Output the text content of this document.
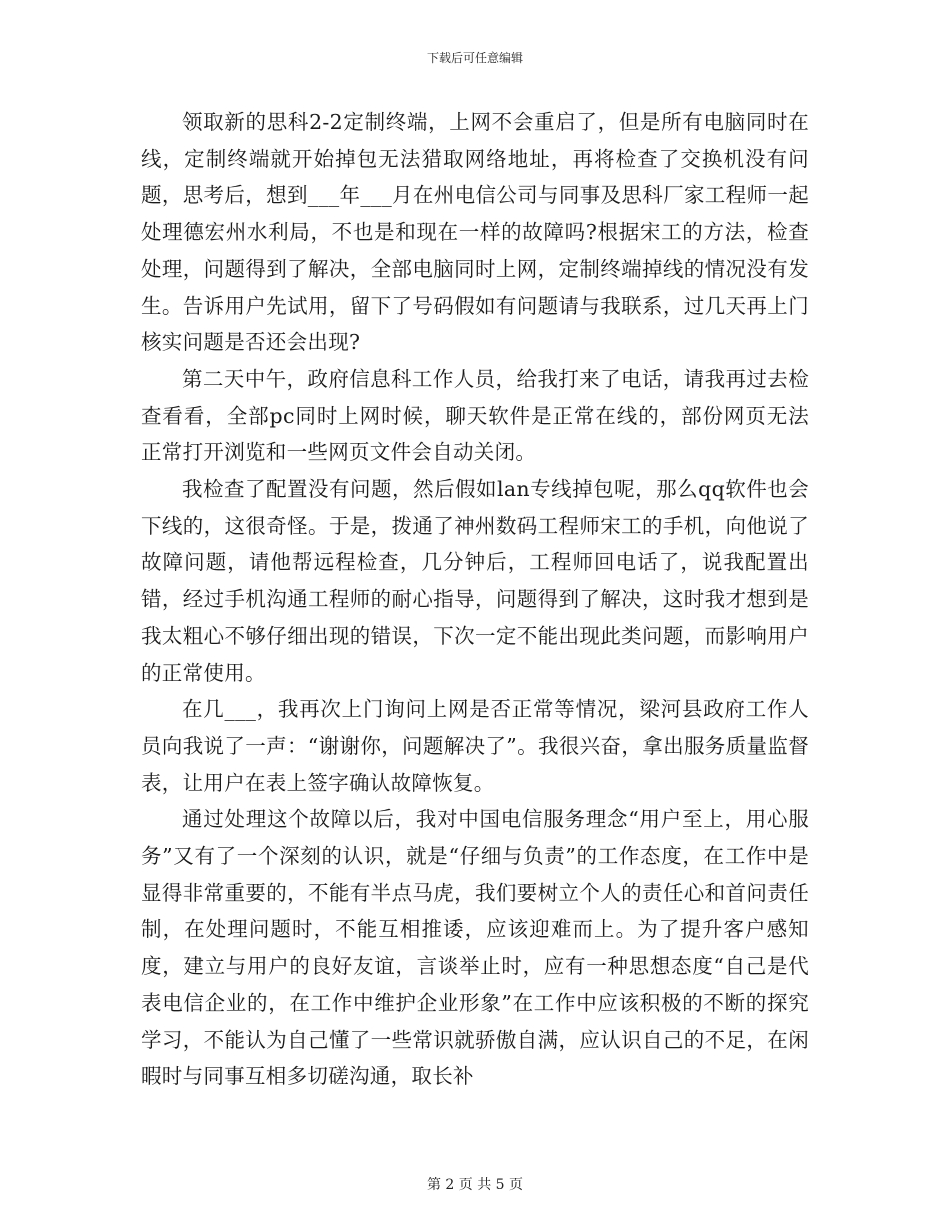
下载后可任意编辑

领取新的思科2-2定制终端，上网不会重启了，但是所有电脑同时在线，定制终端就开始掉包无法猎取网络地址，再将检查了交换机没有问题，思考后，想到___年___月在州电信公司与同事及思科厂家工程师一起处理德宏州水利局，不也是和现在一样的故障吗?根据宋工的方法，检查处理，问题得到了解决，全部电脑同时上网，定制终端掉线的情况没有发生。告诉用户先试用，留下了号码假如有问题请与我联系，过几天再上门核实问题是否还会出现?

第二天中午，政府信息科工作人员，给我打来了电话，请我再过去检查看看，全部pc同时上网时候，聊天软件是正常在线的，部份网页无法正常打开浏览和一些网页文件会自动关闭。

我检查了配置没有问题，然后假如lan专线掉包呢，那么qq软件也会下线的，这很奇怪。于是，拨通了神州数码工程师宋工的手机，向他说了故障问题，请他帮远程检查，几分钟后，工程师回电话了，说我配置出错，经过手机沟通工程师的耐心指导，问题得到了解决，这时我才想到是我太粗心不够仔细出现的错误，下次一定不能出现此类问题，而影响用户的正常使用。

在几___，我再次上门询问上网是否正常等情况，梁河县政府工作人员向我说了一声：“谢谢你，问题解决了”。我很兴奋，拿出服务质量监督表，让用户在表上签字确认故障恢复。

通过处理这个故障以后，我对中国电信服务理念“用户至上，用心服务”又有了一个深刻的认识，就是“仔细与负责”的工作态度，在工作中是显得非常重要的，不能有半点马虎，我们要树立个人的责任心和首问责任制，在处理问题时，不能互相推诿，应该迎难而上。为了提升客户感知度，建立与用户的良好友谊，言谈举止时，应有一种思想态度“自己是代表电信企业的，在工作中维护企业形象”在工作中应该积极的不断的探究学习，不能认为自己懂了一些常识就骄傲自满，应认识自己的不足，在闲暇时与同事互相多切磋沟通，取长补

第 2 页 共 5 页
